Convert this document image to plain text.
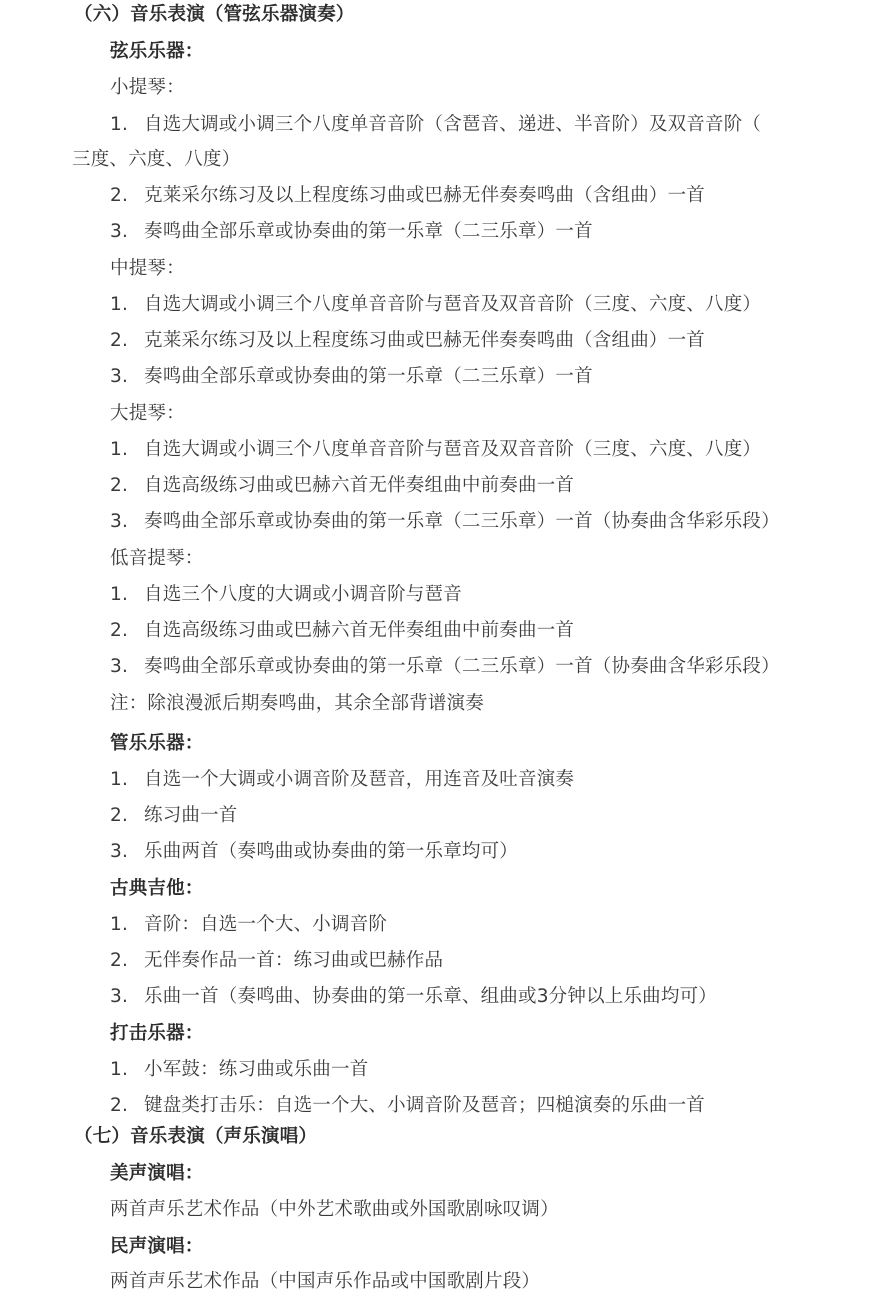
（六）音乐表演（管弦乐器演奏）
弦乐乐器：
小提琴：
1. 自选大调或小调三个八度单音音阶（含琶音、递进、半音阶）及双音音阶（
三度、六度、八度）
2. 克莱采尔练习及以上程度练习曲或巴赫无伴奏奏鸣曲（含组曲）一首
3. 奏鸣曲全部乐章或协奏曲的第一乐章（二三乐章）一首
中提琴：
1. 自选大调或小调三个八度单音音阶与琶音及双音音阶（三度、六度、八度）
2. 克莱采尔练习及以上程度练习曲或巴赫无伴奏奏鸣曲（含组曲）一首
3. 奏鸣曲全部乐章或协奏曲的第一乐章（二三乐章）一首
大提琴：
1. 自选大调或小调三个八度单音音阶与琶音及双音音阶（三度、六度、八度）
2. 自选高级练习曲或巴赫六首无伴奏组曲中前奏曲一首
3. 奏鸣曲全部乐章或协奏曲的第一乐章（二三乐章）一首（协奏曲含华彩乐段）
低音提琴：
1. 自选三个八度的大调或小调音阶与琶音
2. 自选高级练习曲或巴赫六首无伴奏组曲中前奏曲一首
3. 奏鸣曲全部乐章或协奏曲的第一乐章（二三乐章）一首（协奏曲含华彩乐段）
注：除浪漫派后期奏鸣曲，其余全部背谱演奏
管乐乐器：
1. 自选一个大调或小调音阶及琶音，用连音及吐音演奏
2. 练习曲一首
3. 乐曲两首（奏鸣曲或协奏曲的第一乐章均可）
古典吉他：
1. 音阶：自选一个大、小调音阶
2. 无伴奏作品一首：练习曲或巴赫作品
3. 乐曲一首（奏鸣曲、协奏曲的第一乐章、组曲或3分钟以上乐曲均可）
打击乐器：
1. 小军鼓：练习曲或乐曲一首
2. 键盘类打击乐：自选一个大、小调音阶及琶音；四槌演奏的乐曲一首
（七）音乐表演（声乐演唱）
美声演唱：
两首声乐艺术作品（中外艺术歌曲或外国歌剧咏叹调）
民声演唱：
两首声乐艺术作品（中国声乐作品或中国歌剧片段）
